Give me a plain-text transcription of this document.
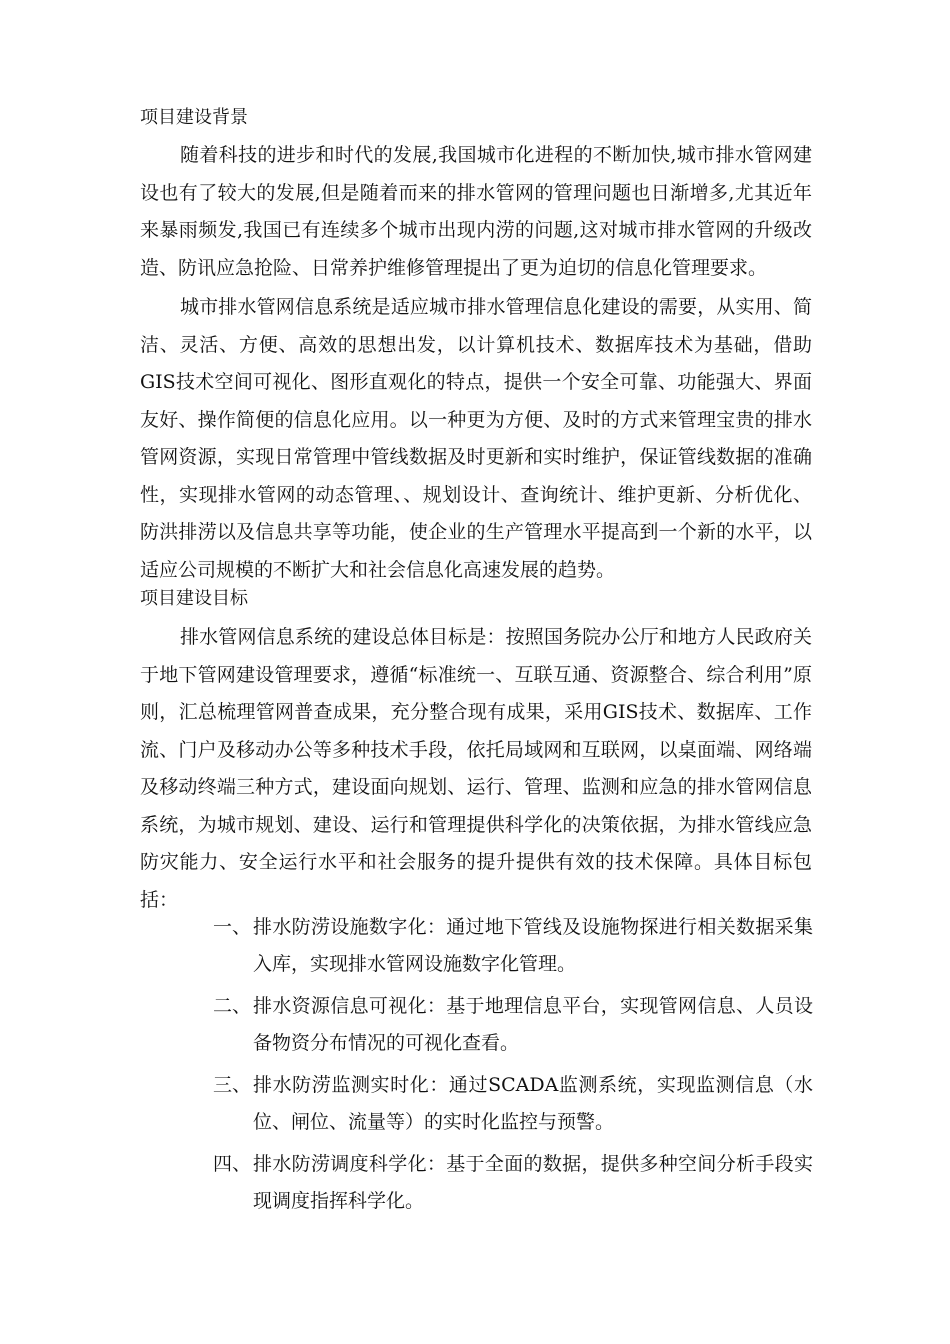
项目建设背景

随着科技的进步和时代的发展,我国城市化进程的不断加快,城市排水管网建设也有了较大的发展,但是随着而来的排水管网的管理问题也日渐增多,尤其近年来暴雨频发,我国已有连续多个城市出现内涝的问题,这对城市排水管网的升级改造、防讯应急抢险、日常养护维修管理提出了更为迫切的信息化管理要求。

城市排水管网信息系统是适应城市排水管理信息化建设的需要，从实用、简洁、灵活、方便、高效的思想出发，以计算机技术、数据库技术为基础，借助GIS技术空间可视化、图形直观化的特点，提供一个安全可靠、功能强大、界面友好、操作简便的信息化应用。以一种更为方便、及时的方式来管理宝贵的排水管网资源，实现日常管理中管线数据及时更新和实时维护，保证管线数据的准确性，实现排水管网的动态管理、、规划设计、查询统计、维护更新、分析优化、防洪排涝以及信息共享等功能，使企业的生产管理水平提高到一个新的水平，以适应公司规模的不断扩大和社会信息化高速发展的趋势。

项目建设目标

排水管网信息系统的建设总体目标是：按照国务院办公厅和地方人民政府关于地下管网建设管理要求，遵循“标准统一、互联互通、资源整合、综合利用”原则，汇总梳理管网普查成果，充分整合现有成果，采用GIS技术、数据库、工作流、门户及移动办公等多种技术手段，依托局域网和互联网，以桌面端、网络端及移动终端三种方式，建设面向规划、运行、管理、监测和应急的排水管网信息系统，为城市规划、建设、运行和管理提供科学化的决策依据，为排水管线应急防灾能力、安全运行水平和社会服务的提升提供有效的技术保障。具体目标包括：

一、 排水防涝设施数字化：通过地下管线及设施物探进行相关数据采集入库，实现排水管网设施数字化管理。
二、 排水资源信息可视化：基于地理信息平台，实现管网信息、人员设备物资分布情况的可视化查看。
三、 排水防涝监测实时化：通过SCADA监测系统，实现监测信息（水位、闸位、流量等）的实时化监控与预警。
四、 排水防涝调度科学化：基于全面的数据，提供多种空间分析手段实现调度指挥科学化。
